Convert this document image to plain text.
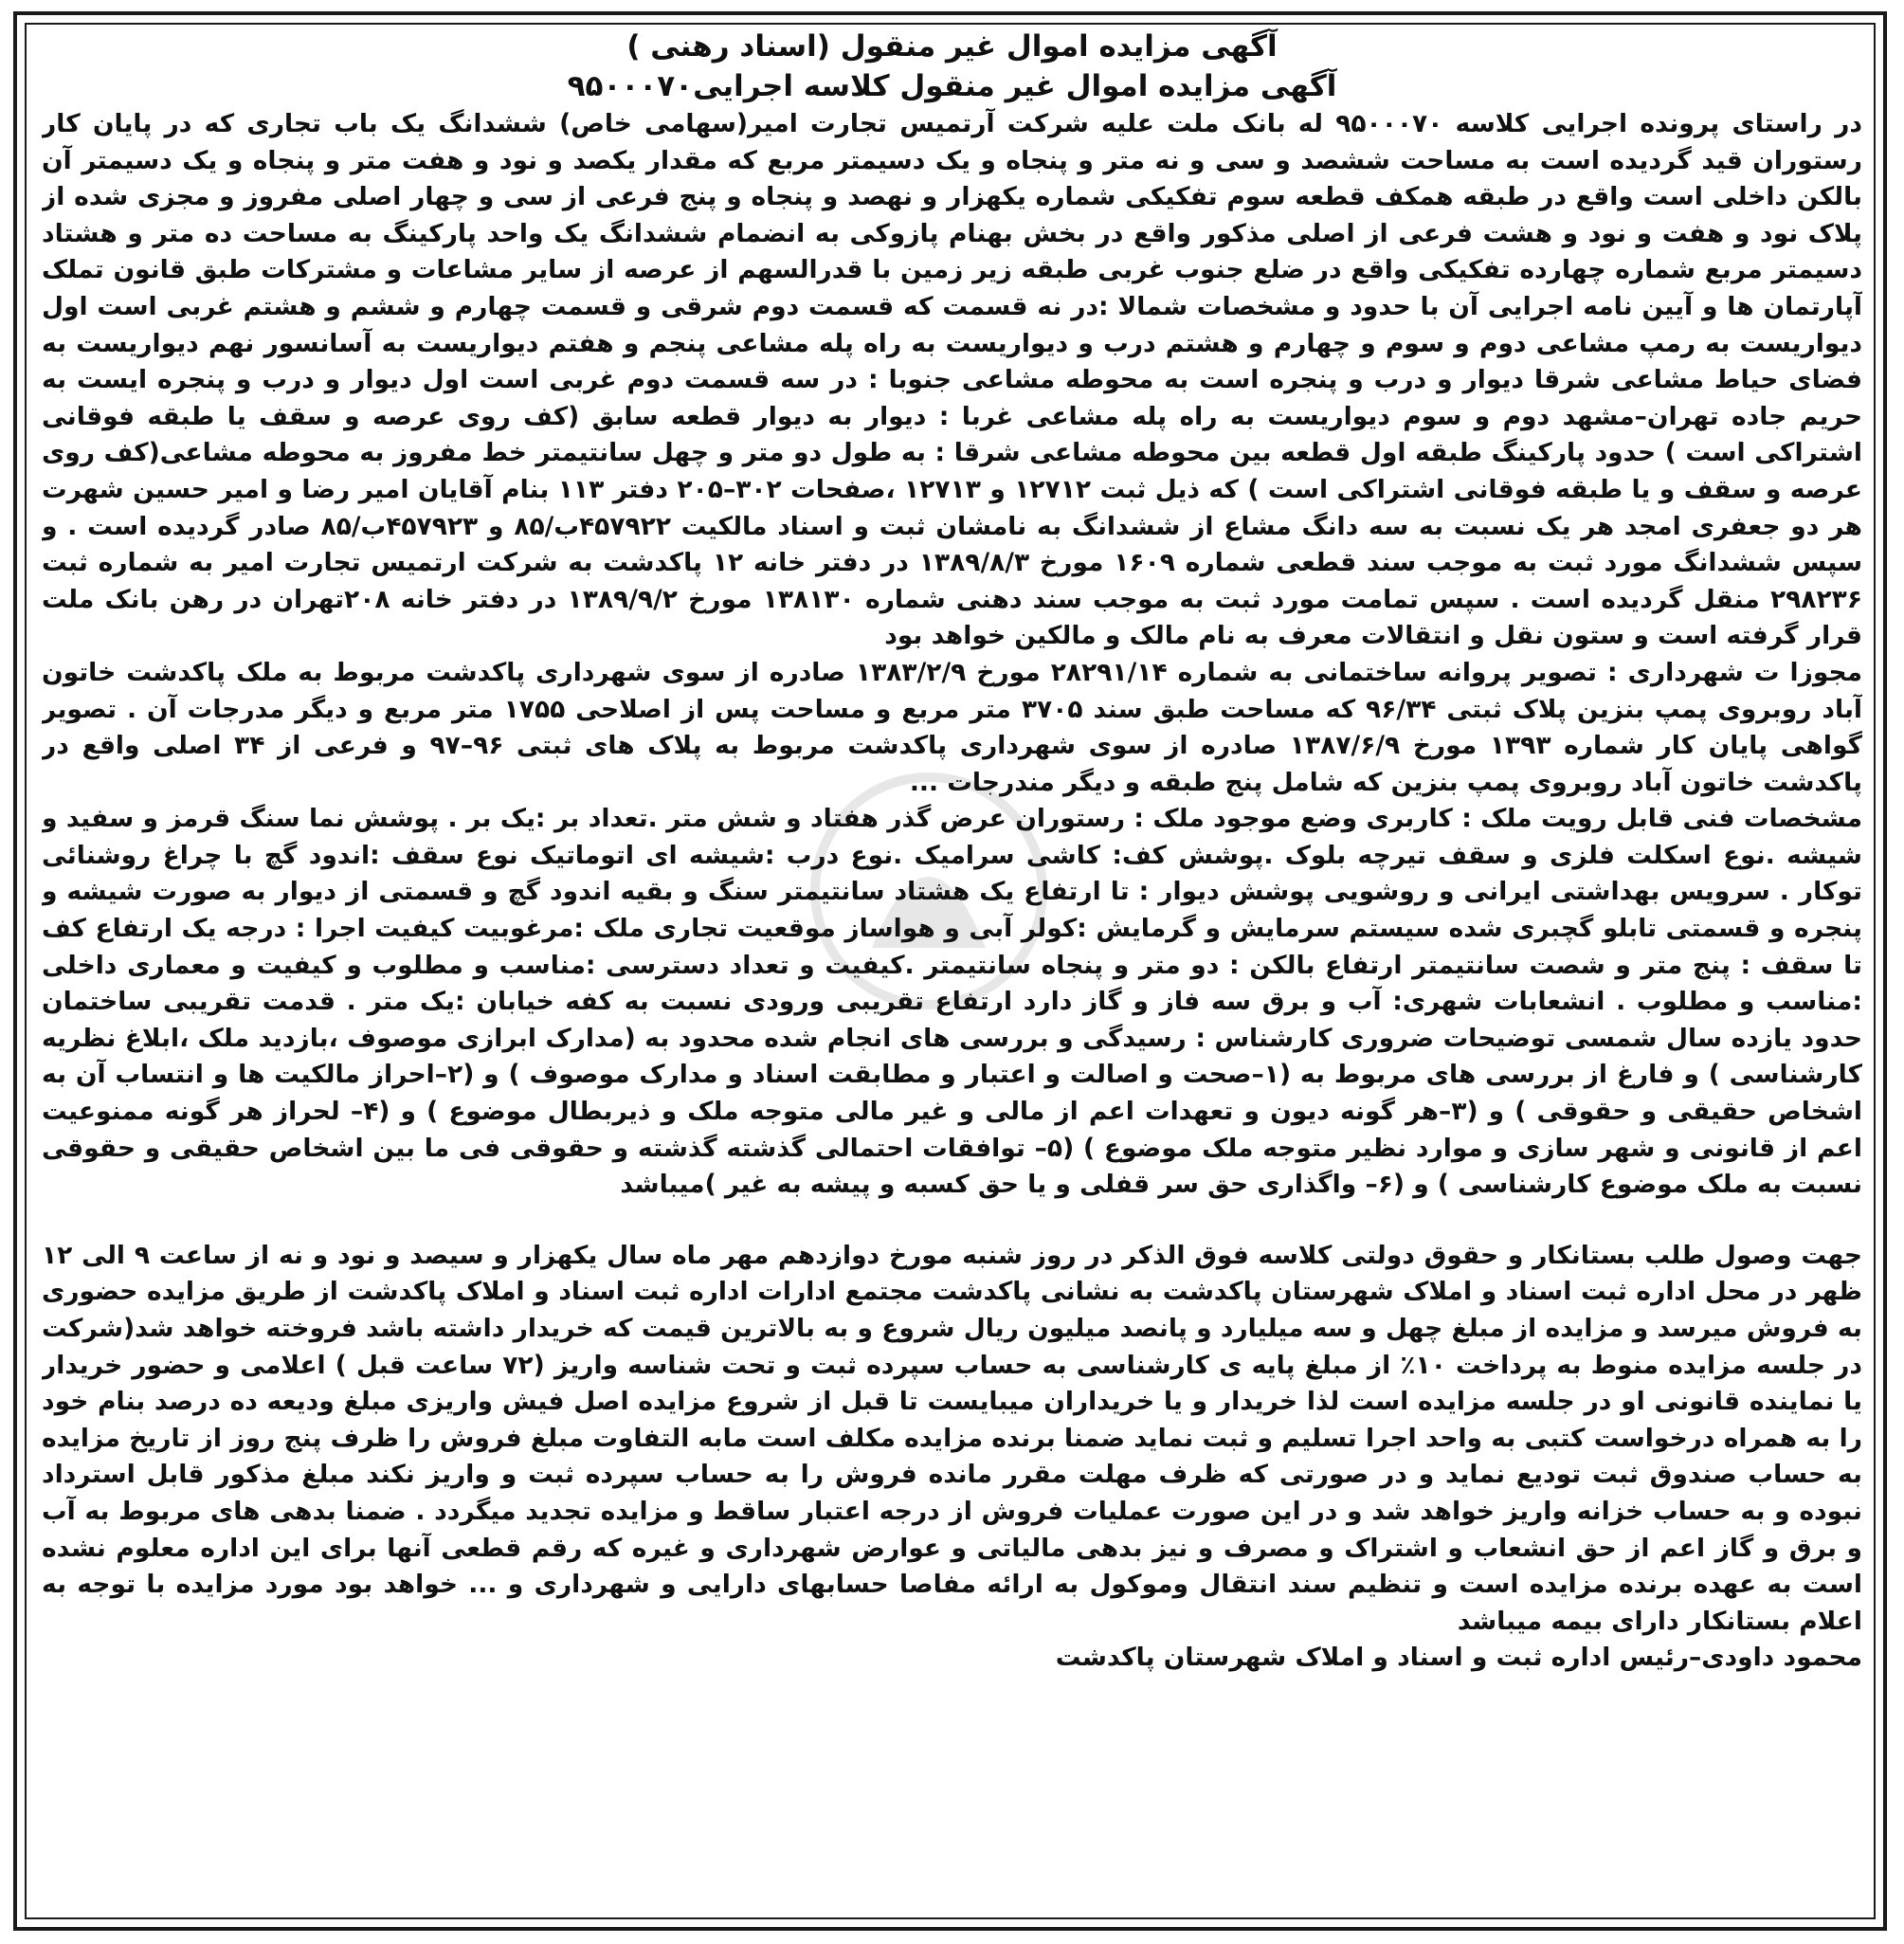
آگهی مزایده اموال غیر منقول (اسناد رهنی )

آگهی مزایده اموال غیر منقول کلاسه اجرایی۹۵۰۰۰۷۰

در راستای پرونده اجرایی کلاسه ۹۵۰۰۰۷۰ له بانک ملت علیه شرکت آرتمیس تجارت امیر(سهامی خاص) ششدانگ یک باب تجاری که در پایان کار رستوران قید گردیده است به مساحت ششصد و سی و نه متر و پنجاه و یک دسیمتر مربع که مقدار یکصد و نود و هفت متر و پنجاه و یک دسیمتر آن بالکن داخلی است واقع در طبقه همکف قطعه سوم تفکیکی شماره یکهزار و نهصد و پنجاه و پنج فرعی از سی و چهار اصلی مفروز و مجزی شده از پلاک نود و هفت و نود و هشت فرعی از اصلی مذکور واقع در بخش بهنام پازوکی به انضمام ششدانگ یک واحد پارکینگ به مساحت ده متر و هشتاد دسیمتر مربع شماره چهارده تفکیکی واقع در ضلع جنوب غربی طبقه زیر زمین با قدرالسهم از عرصه از سایر مشاعات و مشترکات طبق قانون تملک آپارتمان ها و آیین نامه اجرایی آن با حدود و مشخصات شمالا :در نه قسمت که قسمت دوم شرقی و قسمت چهارم و ششم و هشتم غربی است اول دیواریست به رمپ مشاعی دوم و سوم و چهارم و هشتم درب و دیواریست به راه پله مشاعی پنجم و هفتم دیواریست به آسانسور نهم دیواریست به فضای حیاط مشاعی شرقا دیوار و درب و پنجره است به محوطه مشاعی جنوبا : در سه قسمت دوم غربی است اول دیوار و درب و پنجره ایست به حریم جاده تهران–مشهد دوم و سوم دیواریست به راه پله مشاعی غربا : دیوار به دیوار قطعه سابق (کف روی عرصه و سقف یا طبقه فوقانی اشتراکی است ) حدود پارکینگ طبقه اول قطعه بین محوطه مشاعی شرقا : به طول دو متر و چهل سانتیمتر خط مفروز به محوطه مشاعی(کف روی عرصه و سقف و یا طبقه فوقانی اشتراکی است ) که ذیل ثبت ۱۲۷۱۲ و ۱۲۷۱۳ ،صفحات ۳۰۲–۲۰۵ دفتر ۱۱۳ بنام آقایان امیر رضا و امیر حسین شهرت هر دو جعفری امجد هر یک نسبت به سه دانگ مشاع از ششدانگ به نامشان ثبت و اسناد مالکیت ۴۵۷۹۲۲ب/۸۵ و ۴۵۷۹۲۳ب/۸۵ صادر گردیده است . و سپس ششدانگ مورد ثبت به موجب سند قطعی شماره ۱۶۰۹ مورخ ۱۳۸۹/۸/۳ در دفتر خانه ۱۲ پاکدشت به شرکت ارتمیس تجارت امیر به شماره ثبت ۲۹۸۲۳۶ منقل گردیده است . سپس تمامت مورد ثبت به موجب سند دهنی شماره ۱۳۸۱۳۰ مورخ ۱۳۸۹/۹/۲ در دفتر خانه ۲۰۸تهران در رهن بانک ملت قرار گرفته است و ستون نقل و انتقالات معرف به نام مالک و مالکین خواهد بود

مجوزا ت شهرداری : تصویر پروانه ساختمانی به شماره ۲۸۲۹۱/۱۴ مورخ ۱۳۸۳/۲/۹ صادره از سوی شهرداری پاکدشت مربوط به ملک پاکدشت خاتون آباد روبروی پمپ بنزین پلاک ثبتی ۹۶/۳۴ که مساحت طبق سند ۳۷۰۵ متر مربع و مساحت پس از اصلاحی ۱۷۵۵ متر مربع و دیگر مدرجات آن . تصویر گواهی پایان کار شماره ۱۳۹۳ مورخ ۱۳۸۷/۶/۹ صادره از سوی شهرداری پاکدشت مربوط به پلاک های ثبتی ۹۶–۹۷ و فرعی از ۳۴ اصلی واقع در پاکدشت خاتون آباد روبروی پمپ بنزین که شامل پنج طبقه و دیگر مندرجات ...

مشخصات فنی قابل رویت ملک : کاربری وضع موجود ملک : رستوران عرض گذر هفتاد و شش متر .تعداد بر :یک بر . پوشش نما سنگ قرمز و سفید و شیشه .نوع اسکلت فلزی و سقف تیرچه بلوک .پوشش کف: کاشی سرامیک .نوع درب :شیشه ای اتوماتیک نوع سقف :اندود گچ با چراغ روشنائی توکار . سرویس بهداشتی ایرانی و روشویی پوشش دیوار : تا ارتفاع یک هشتاد سانتیمتر سنگ و بقیه اندود گچ و قسمتی از دیوار به صورت شیشه و پنجره و قسمتی تابلو گچبری شده سیستم سرمایش و گرمایش :کولر آبی و هواساز موقعیت تجاری ملک :مرغوبیت کیفیت اجرا : درجه یک ارتفاع کف تا سقف : پنج متر و شصت سانتیمتر ارتفاع بالکن : دو متر و پنجاه سانتیمتر .کیفیت و تعداد دسترسی :مناسب و مطلوب و کیفیت و معماری داخلی :مناسب و مطلوب . انشعابات شهری: آب و برق سه فاز و گاز دارد ارتفاع تقریبی ورودی نسبت به کفه خیابان :یک متر . قدمت تقریبی ساختمان حدود یازده سال شمسی توضیحات ضروری کارشناس : رسیدگی و بررسی های انجام شده محدود به (مدارک ابرازی موصوف ،بازدید ملک ،ابلاغ نظریه کارشناسی ) و فارغ از بررسی های مربوط به (۱–صحت و اصالت و اعتبار و مطابقت اسناد و مدارک موصوف ) و (۲–احراز مالکیت ها و انتساب آن به اشخاص حقیقی و حقوقی ) و (۳–هر گونه دیون و تعهدات اعم از مالی و غیر مالی متوجه ملک و ذیربطال موضوع ) و (۴– لحراز هر گونه ممنوعیت اعم از قانونی و شهر سازی و موارد نظیر متوجه ملک موضوع ) (۵– توافقات احتمالی گذشته گذشته و حقوقی فی ما بین اشخاص حقیقی و حقوقی نسبت به ملک موضوع کارشناسی ) و (۶– واگذاری حق سر قفلی و یا حق کسبه و پیشه به غیر )میباشد

جهت وصول طلب بستانکار و حقوق دولتی کلاسه فوق الذکر در روز شنبه مورخ دوازدهم مهر ماه سال یکهزار و سیصد و نود و نه از ساعت ۹ الی ۱۲ ظهر در محل اداره ثبت اسناد و املاک شهرستان پاکدشت به نشانی پاکدشت مجتمع ادارات اداره ثبت اسناد و املاک پاکدشت از طریق مزایده حضوری به فروش میرسد و مزایده از مبلغ چهل و سه میلیارد و پانصد میلیون ریال شروع و به بالاترین قیمت که خریدار داشته باشد فروخته خواهد شد(شرکت در جلسه مزایده منوط به پرداخت ۱۰٪ از مبلغ پایه ی کارشناسی به حساب سپرده ثبت و تحت شناسه واریز (۷۲ ساعت قبل ) اعلامی و حضور خریدار یا نماینده قانونی او در جلسه مزایده است لذا خریدار و یا خریداران میبایست تا قبل از شروع مزایده اصل فیش واریزی مبلغ ودیعه ده درصد بنام خود را به همراه درخواست کتبی به واحد اجرا تسلیم و ثبت نماید ضمنا برنده مزایده مکلف است مابه التفاوت مبلغ فروش را ظرف پنج روز از تاریخ مزایده به حساب صندوق ثبت تودیع نماید و در صورتی که ظرف مهلت مقرر مانده فروش را به حساب سپرده ثبت و واریز نکند مبلغ مذکور قابل استرداد نبوده و به حساب خزانه واریز خواهد شد و در این صورت عملیات فروش از درجه اعتبار ساقط و مزایده تجدید میگردد . ضمنا بدهی های مربوط به آب و برق و گاز اعم از حق انشعاب و اشتراک و مصرف و نیز بدهی مالیاتی و عوارض شهرداری و غیره که رقم قطعی آنها برای این اداره معلوم نشده است به عهده برنده مزایده است و تنظیم سند انتقال وموکول به ارائه مفاصا حسابهای دارایی و شهرداری و ... خواهد بود مورد مزایده با توجه به اعلام بستانکار دارای بیمه میباشد

محمود داودی–رئیس اداره ثبت و اسناد و املاک شهرستان پاکدشت
